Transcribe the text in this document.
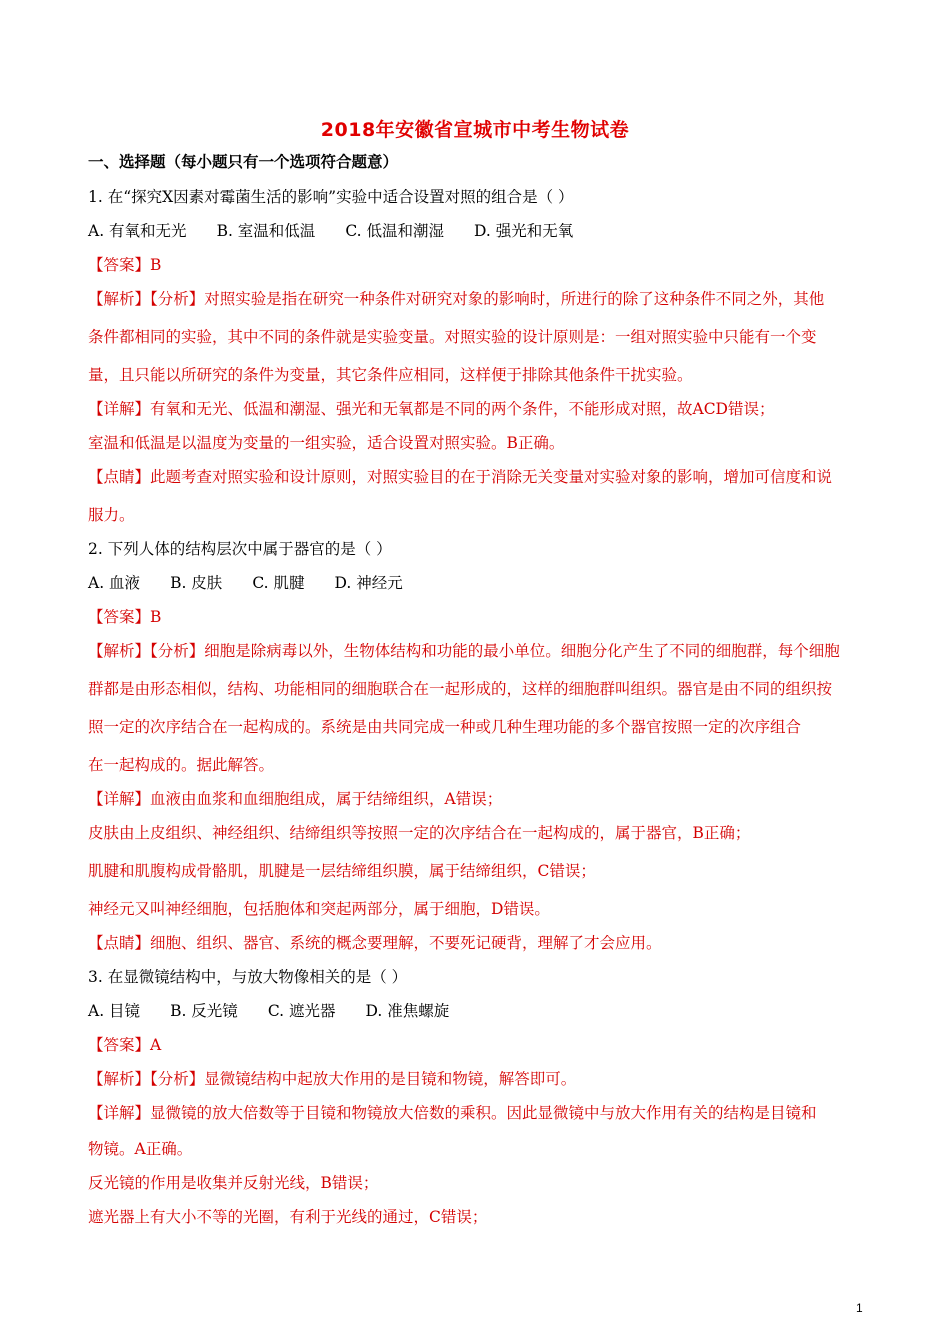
2018年安徽省宣城市中考生物试卷
一、选择题（每小题只有一个选项符合题意）
1. 在“探究X因素对霉菌生活的影响”实验中适合设置对照的组合是（ ）
A. 有氧和无光 B. 室温和低温 C. 低温和潮湿 D. 强光和无氧
【答案】B
【解析】【分析】对照实验是指在研究一种条件对研究对象的影响时，所进行的除了这种条件不同之外，其他
条件都相同的实验，其中不同的条件就是实验变量。对照实验的设计原则是：一组对照实验中只能有一个变
量，且只能以所研究的条件为变量，其它条件应相同，这样便于排除其他条件干扰实验。
【详解】有氧和无光、低温和潮湿、强光和无氧都是不同的两个条件，不能形成对照，故ACD错误；
室温和低温是以温度为变量的一组实验，适合设置对照实验。B正确。
【点睛】此题考查对照实验和设计原则，对照实验目的在于消除无关变量对实验对象的影响，增加可信度和说
服力。
2. 下列人体的结构层次中属于器官的是（ ）
A. 血液 B. 皮肤 C. 肌腱 D. 神经元
【答案】B
【解析】【分析】细胞是除病毒以外，生物体结构和功能的最小单位。细胞分化产生了不同的细胞群，每个细胞
群都是由形态相似，结构、功能相同的细胞联合在一起形成的，这样的细胞群叫组织。器官是由不同的组织按
照一定的次序结合在一起构成的。系统是由共同完成一种或几种生理功能的多个器官按照一定的次序组合
在一起构成的。据此解答。
【详解】血液由血浆和血细胞组成，属于结缔组织，A错误；
皮肤由上皮组织、神经组织、结缔组织等按照一定的次序结合在一起构成的，属于器官，B正确；
肌腱和肌腹构成骨骼肌，肌腱是一层结缔组织膜，属于结缔组织，C错误；
神经元又叫神经细胞，包括胞体和突起两部分，属于细胞，D错误。
【点睛】细胞、组织、器官、系统的概念要理解，不要死记硬背，理解了才会应用。
3. 在显微镜结构中，与放大物像相关的是（ ）
A. 目镜 B. 反光镜 C. 遮光器 D. 准焦螺旋
【答案】A
【解析】【分析】显微镜结构中起放大作用的是目镜和物镜，解答即可。
【详解】显微镜的放大倍数等于目镜和物镜放大倍数的乘积。因此显微镜中与放大作用有关的结构是目镜和
物镜。A正确。
反光镜的作用是收集并反射光线，B错误；
遮光器上有大小不等的光圈，有利于光线的通过，C错误；
1
